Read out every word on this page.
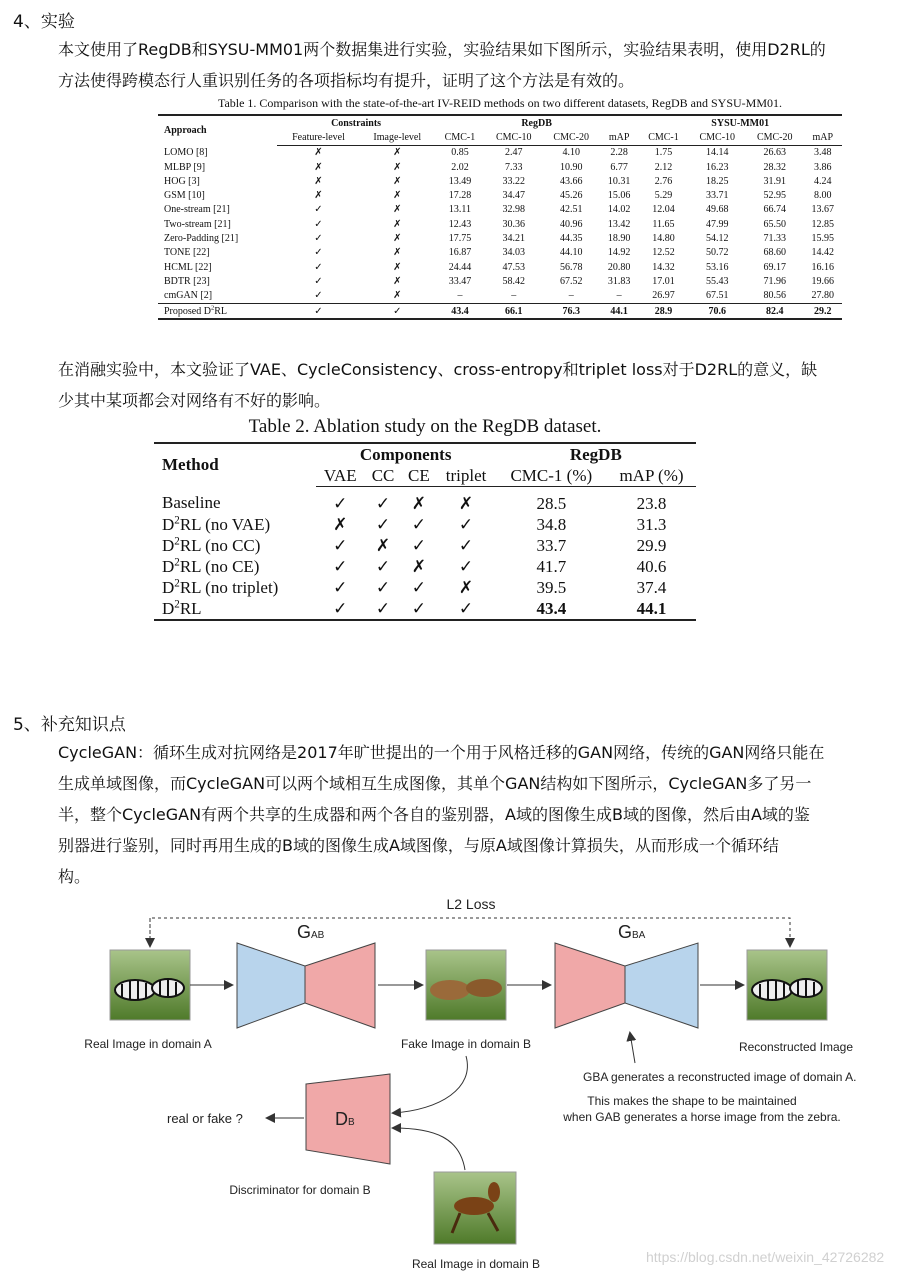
4、实验
本文使用了RegDB和SYSU-MM01两个数据集进行实验，实验结果如下图所示，实验结果表明，使用D2RL的
方法使得跨模态行人重识别任务的各项指标均有提升，证明了这个方法是有效的。
Table 1. Comparison with the state-of-the-art IV-REID methods on two different datasets, RegDB and SYSU-MM01.
Approach	Constraints		RegDB				SYSU-MM01			
	Feature-level	Image-level	CMC-1	CMC-10	CMC-20	mAP	CMC-1	CMC-10	CMC-20	mAP
LOMO [8]	✗	✗	0.85	2.47	4.10	2.28	1.75	14.14	26.63	3.48
MLBP [9]	✗	✗	2.02	7.33	10.90	6.77	2.12	16.23	28.32	3.86
HOG [3]	✗	✗	13.49	33.22	43.66	10.31	2.76	18.25	31.91	4.24
GSM [10]	✗	✗	17.28	34.47	45.26	15.06	5.29	33.71	52.95	8.00
One-stream [21]	✓	✗	13.11	32.98	42.51	14.02	12.04	49.68	66.74	13.67
Two-stream [21]	✓	✗	12.43	30.36	40.96	13.42	11.65	47.99	65.50	12.85
Zero-Padding [21]	✓	✗	17.75	34.21	44.35	18.90	14.80	54.12	71.33	15.95
TONE [22]	✓	✗	16.87	34.03	44.10	14.92	12.52	50.72	68.60	14.42
HCML [22]	✓	✗	24.44	47.53	56.78	20.80	14.32	53.16	69.17	16.16
BDTR [23]	✓	✗	33.47	58.42	67.52	31.83	17.01	55.43	71.96	19.66
cmGAN [2]	✓	✗	–	–	–	–	26.97	67.51	80.56	27.80
Proposed $D^2RL$	✓	✓	43.4	66.1	76.3	44.1	28.9	70.6	82.4	29.2
在消融实验中，本文验证了VAE、CycleConsistency、cross-entropy和triplet loss对于D2RL的意义，缺
少其中某项都会对网络有不好的影响。
Table 2. Ablation study on the RegDB dataset.
Method	Components				RegDB	
	VAE	CC	CE	triplet	CMC-1 (%)	mAP (%)
Baseline	✓	✓	✗	✗	28.5	23.8
$D^2RL$ (no VAE)	✗	✓	✓	✓	34.8	31.3
$D^2RL$ (no CC)	✓	✗	✓	✓	33.7	29.9
$D^2RL$ (no CE)	✓	✓	✗	✓	41.7	40.6
$D^2RL$ (no triplet)	✓	✓	✓	✗	39.5	37.4
$D^2RL$	✓	✓	✓	✓	43.4	44.1
5、补充知识点
CycleGAN：循环生成对抗网络是2017年旷世提出的一个用于风格迁移的GAN网络，传统的GAN网络只能在
生成单域图像，而CycleGAN可以两个域相互生成图像，其单个GAN结构如下图所示，CycleGAN多了另一
半，整个CycleGAN有两个共享的生成器和两个各自的鉴别器，A域的图像生成B域的图像，然后由A域的鉴
别器进行鉴别，同时再用生成的B域的图像生成A域图像，与原A域图像计算损失，从而形成一个循环结
构。
L2 Loss
Real Image in domain A
GAB
Fake Image in domain B
GBA
Reconstructed Image
GBA generates a reconstructed image of domain A.
This makes the shape to be maintained
when GAB generates a horse image from the zebra.
DB
real or fake ?
Discriminator for domain B
Real Image in domain B	https://blog.csdn.net/weixin_42726282
